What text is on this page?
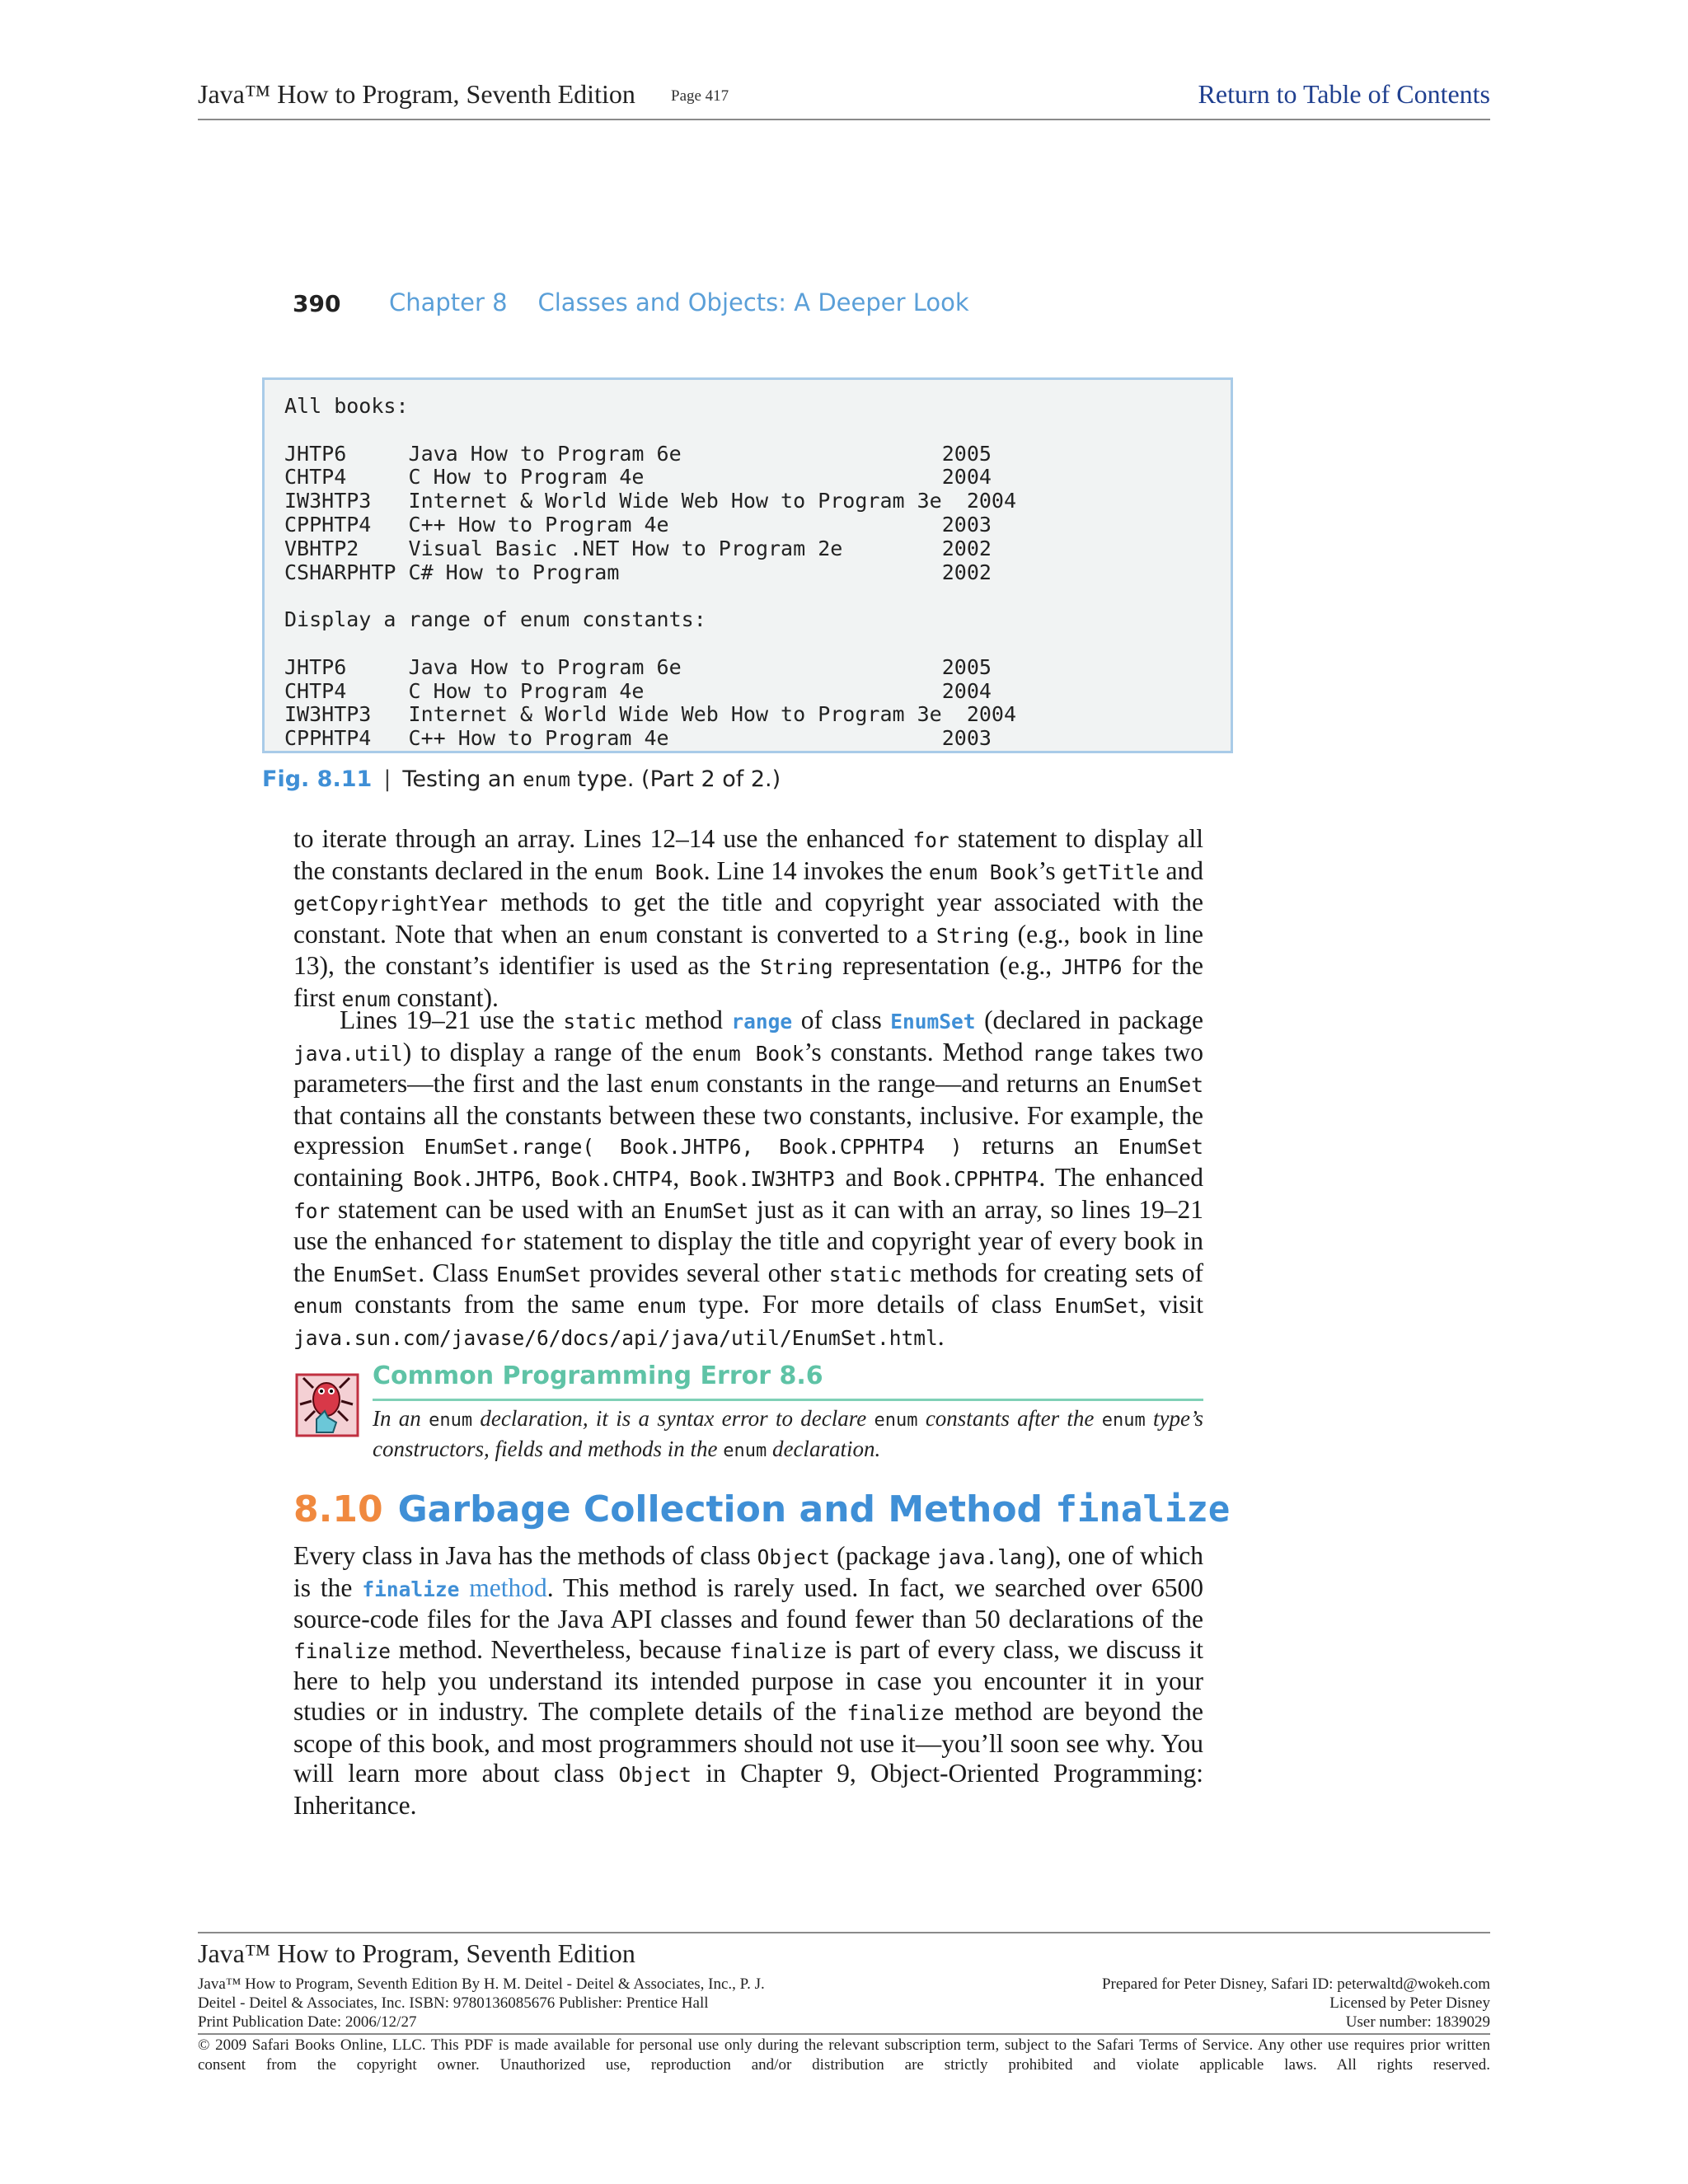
Java™ How to Program, Seventh Edition Page 417	Return to Table of Contents
390 Chapter 8    Classes and Objects: A Deeper Look
All books:

JHTP6     Java How to Program 6e                     2005
CHTP4     C How to Program 4e                        2004
IW3HTP3   Internet & World Wide Web How to Program 3e  2004
CPPHTP4   C++ How to Program 4e                      2003
VBHTP2    Visual Basic .NET How to Program 2e        2002
CSHARPHTP C# How to Program                          2002

Display a range of enum constants:

JHTP6     Java How to Program 6e                     2005
CHTP4     C How to Program 4e                        2004
IW3HTP3   Internet & World Wide Web How to Program 3e  2004
CPPHTP4   C++ How to Program 4e                      2003
Fig. 8.11 | Testing an enum type. (Part 2 of 2.)
to iterate through an array. Lines 12–14 use the enhanced for statement to display all the constants declared in the enum Book. Line 14 invokes the enum Book’s getTitle and getCopyrightYear methods to get the title and copyright year associated with the constant. Note that when an enum constant is converted to a String (e.g., book in line 13), the constant’s identifier is used as the String representation (e.g., JHTP6 for the first enum constant).
Lines 19–21 use the static method range of class EnumSet (declared in package java.util) to display a range of the enum Book’s constants. Method range takes two parameters—the first and the last enum constants in the range—and returns an EnumSet that contains all the constants between these two constants, inclusive. For example, the expression EnumSet.range( Book.JHTP6, Book.CPPHTP4 ) returns an EnumSet containing Book.JHTP6, Book.CHTP4, Book.IW3HTP3 and Book.CPPHTP4. The enhanced for statement can be used with an EnumSet just as it can with an array, so lines 19–21 use the enhanced for statement to display the title and copyright year of every book in the EnumSet. Class EnumSet provides several other static methods for creating sets of enum constants from the same enum type. For more details of class EnumSet, visit java.sun.com/javase/6/docs/api/java/util/EnumSet.html.
Common Programming Error 8.6
In an enum declaration, it is a syntax error to declare enum constants after the enum type’s constructors, fields and methods in the enum declaration.
8.10 Garbage Collection and Method finalize
Every class in Java has the methods of class Object (package java.lang), one of which is the finalize method. This method is rarely used. In fact, we searched over 6500 source-code files for the Java API classes and found fewer than 50 declarations of the finalize method. Nevertheless, because finalize is part of every class, we discuss it here to help you understand its intended purpose in case you encounter it in your studies or in industry. The complete details of the finalize method are beyond the scope of this book, and most programmers should not use it—you’ll soon see why. You will learn more about class Object in Chapter 9, Object-Oriented Programming: Inheritance.
Java™ How to Program, Seventh Edition
Java™ How to Program, Seventh Edition By H. M. Deitel - Deitel & Associates, Inc., P. J.
Deitel - Deitel & Associates, Inc. ISBN: 9780136085676 Publisher: Prentice Hall
Print Publication Date: 2006/12/27
Prepared for Peter Disney, Safari ID: peterwaltd@wokeh.com
Licensed by Peter Disney
User number: 1839029
© 2009 Safari Books Online, LLC. This PDF is made available for personal use only during the relevant subscription term, subject to the Safari Terms of Service. Any other use requires prior written consent from the copyright owner. Unauthorized use, reproduction and/or distribution are strictly prohibited and violate applicable laws. All rights reserved.
